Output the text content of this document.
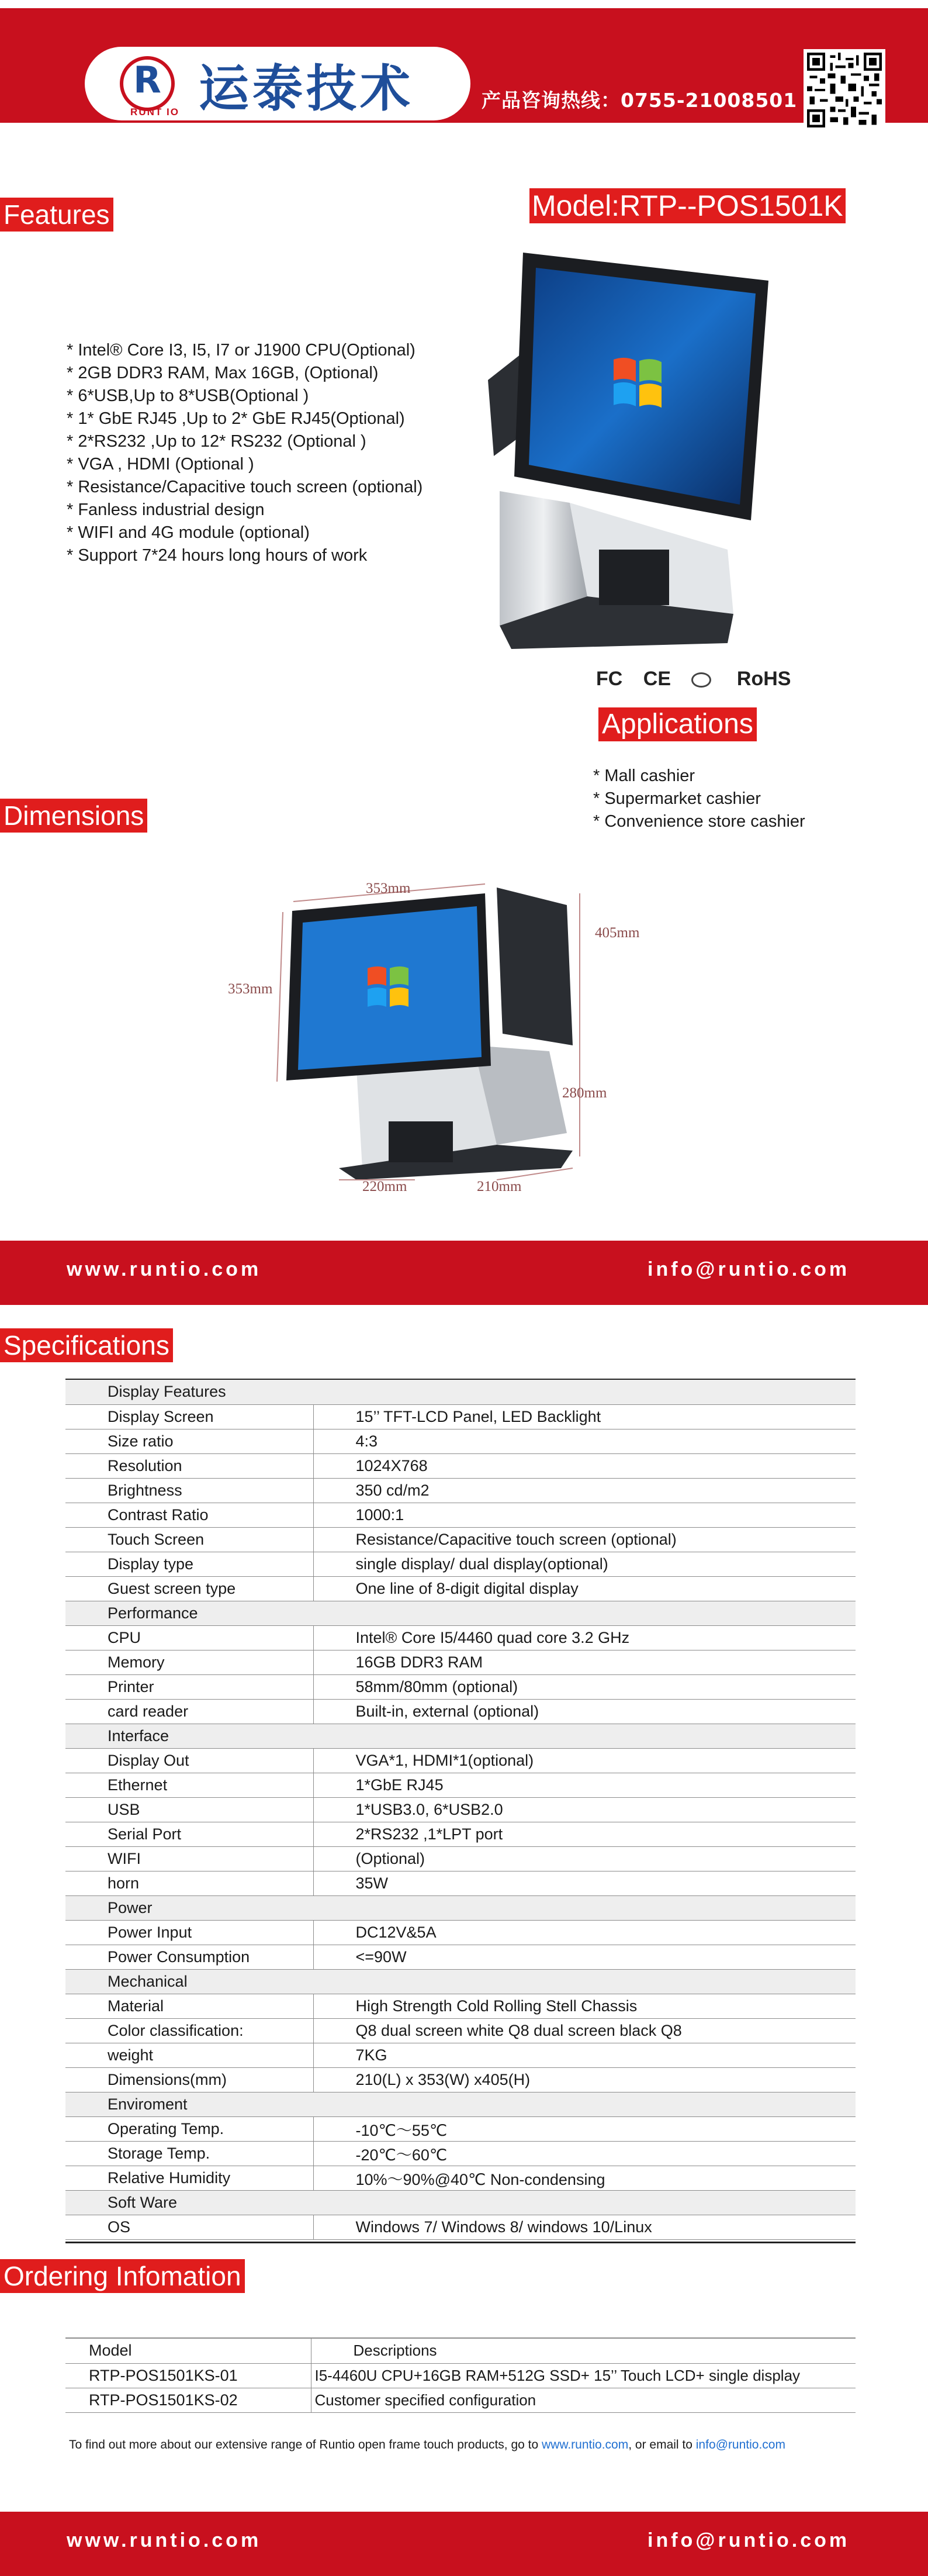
R
RUNT IO 运泰技术	产品咨询热线：0755-21008501
Features	Model:RTP--POS1501K
* Intel® Core I3, I5, I7 or J1900 CPU(Optional)
* 2GB DDR3 RAM, Max 16GB, (Optional)
* 6*USB,Up to 8*USB(Optional )
* 1* GbE RJ45 ,Up to 2* GbE RJ45(Optional)
* 2*RS232 ,Up to 12* RS232 (Optional )
* VGA , HDMI (Optional )
* Resistance/Capacitive touch screen (optional)
* Fanless industrial design
* WIFI and 4G module (optional)
* Support 7*24 hours long hours of work
FC CE	RoHS
Applications
* Mall cashier
* Supermarket cashier
* Convenience store cashier
Dimensions
353mm
353mm
405mm
280mm
220mm	210mm
www.runtio.com	info@runtio.com
Specifications
Display Features	
Display Screen	15’’ TFT-LCD Panel, LED Backlight
Size ratio	4:3
Resolution	1024X768
Brightness	350 cd/m2
Contrast Ratio	1000:1
Touch Screen	Resistance/Capacitive touch screen (optional)
Display type	single display/ dual display(optional)
Guest screen type	One line of 8-digit digital display
Performance	
CPU	Intel® Core I5/4460 quad core 3.2 GHz
Memory	16GB DDR3 RAM
Printer	58mm/80mm (optional)
card reader	Built-in, external (optional)
Interface	
Display Out	VGA*1, HDMI*1(optional)
Ethernet	1*GbE RJ45
USB	1*USB3.0, 6*USB2.0
Serial Port	2*RS232 ,1*LPT port
WIFI	(Optional)
horn	35W
Power	
Power Input	DC12V&5A
Power Consumption	<=90W
Mechanical	
Material	High Strength Cold Rolling Stell Chassis
Color classification:	Q8 dual screen white Q8 dual screen black Q8
weight	7KG
Dimensions(mm)	210(L) x 353(W) x405(H)
Enviroment	
Operating Temp.	-10℃～55℃
Storage Temp.	-20℃～60℃
Relative Humidity	10%～90%@40℃ Non-condensing
Soft Ware	
OS	Windows 7/ Windows 8/ windows 10/Linux
Ordering Infomation
Model	Descriptions
RTP-POS1501KS-01	I5-4460U CPU+16GB RAM+512G SSD+ 15’’ Touch LCD+ single display
RTP-POS1501KS-02	Customer specified configuration
To find out more about our extensive range of Runtio open frame touch products, go to www.runtio.com, or email to info@runtio.com
www.runtio.com	info@runtio.com
